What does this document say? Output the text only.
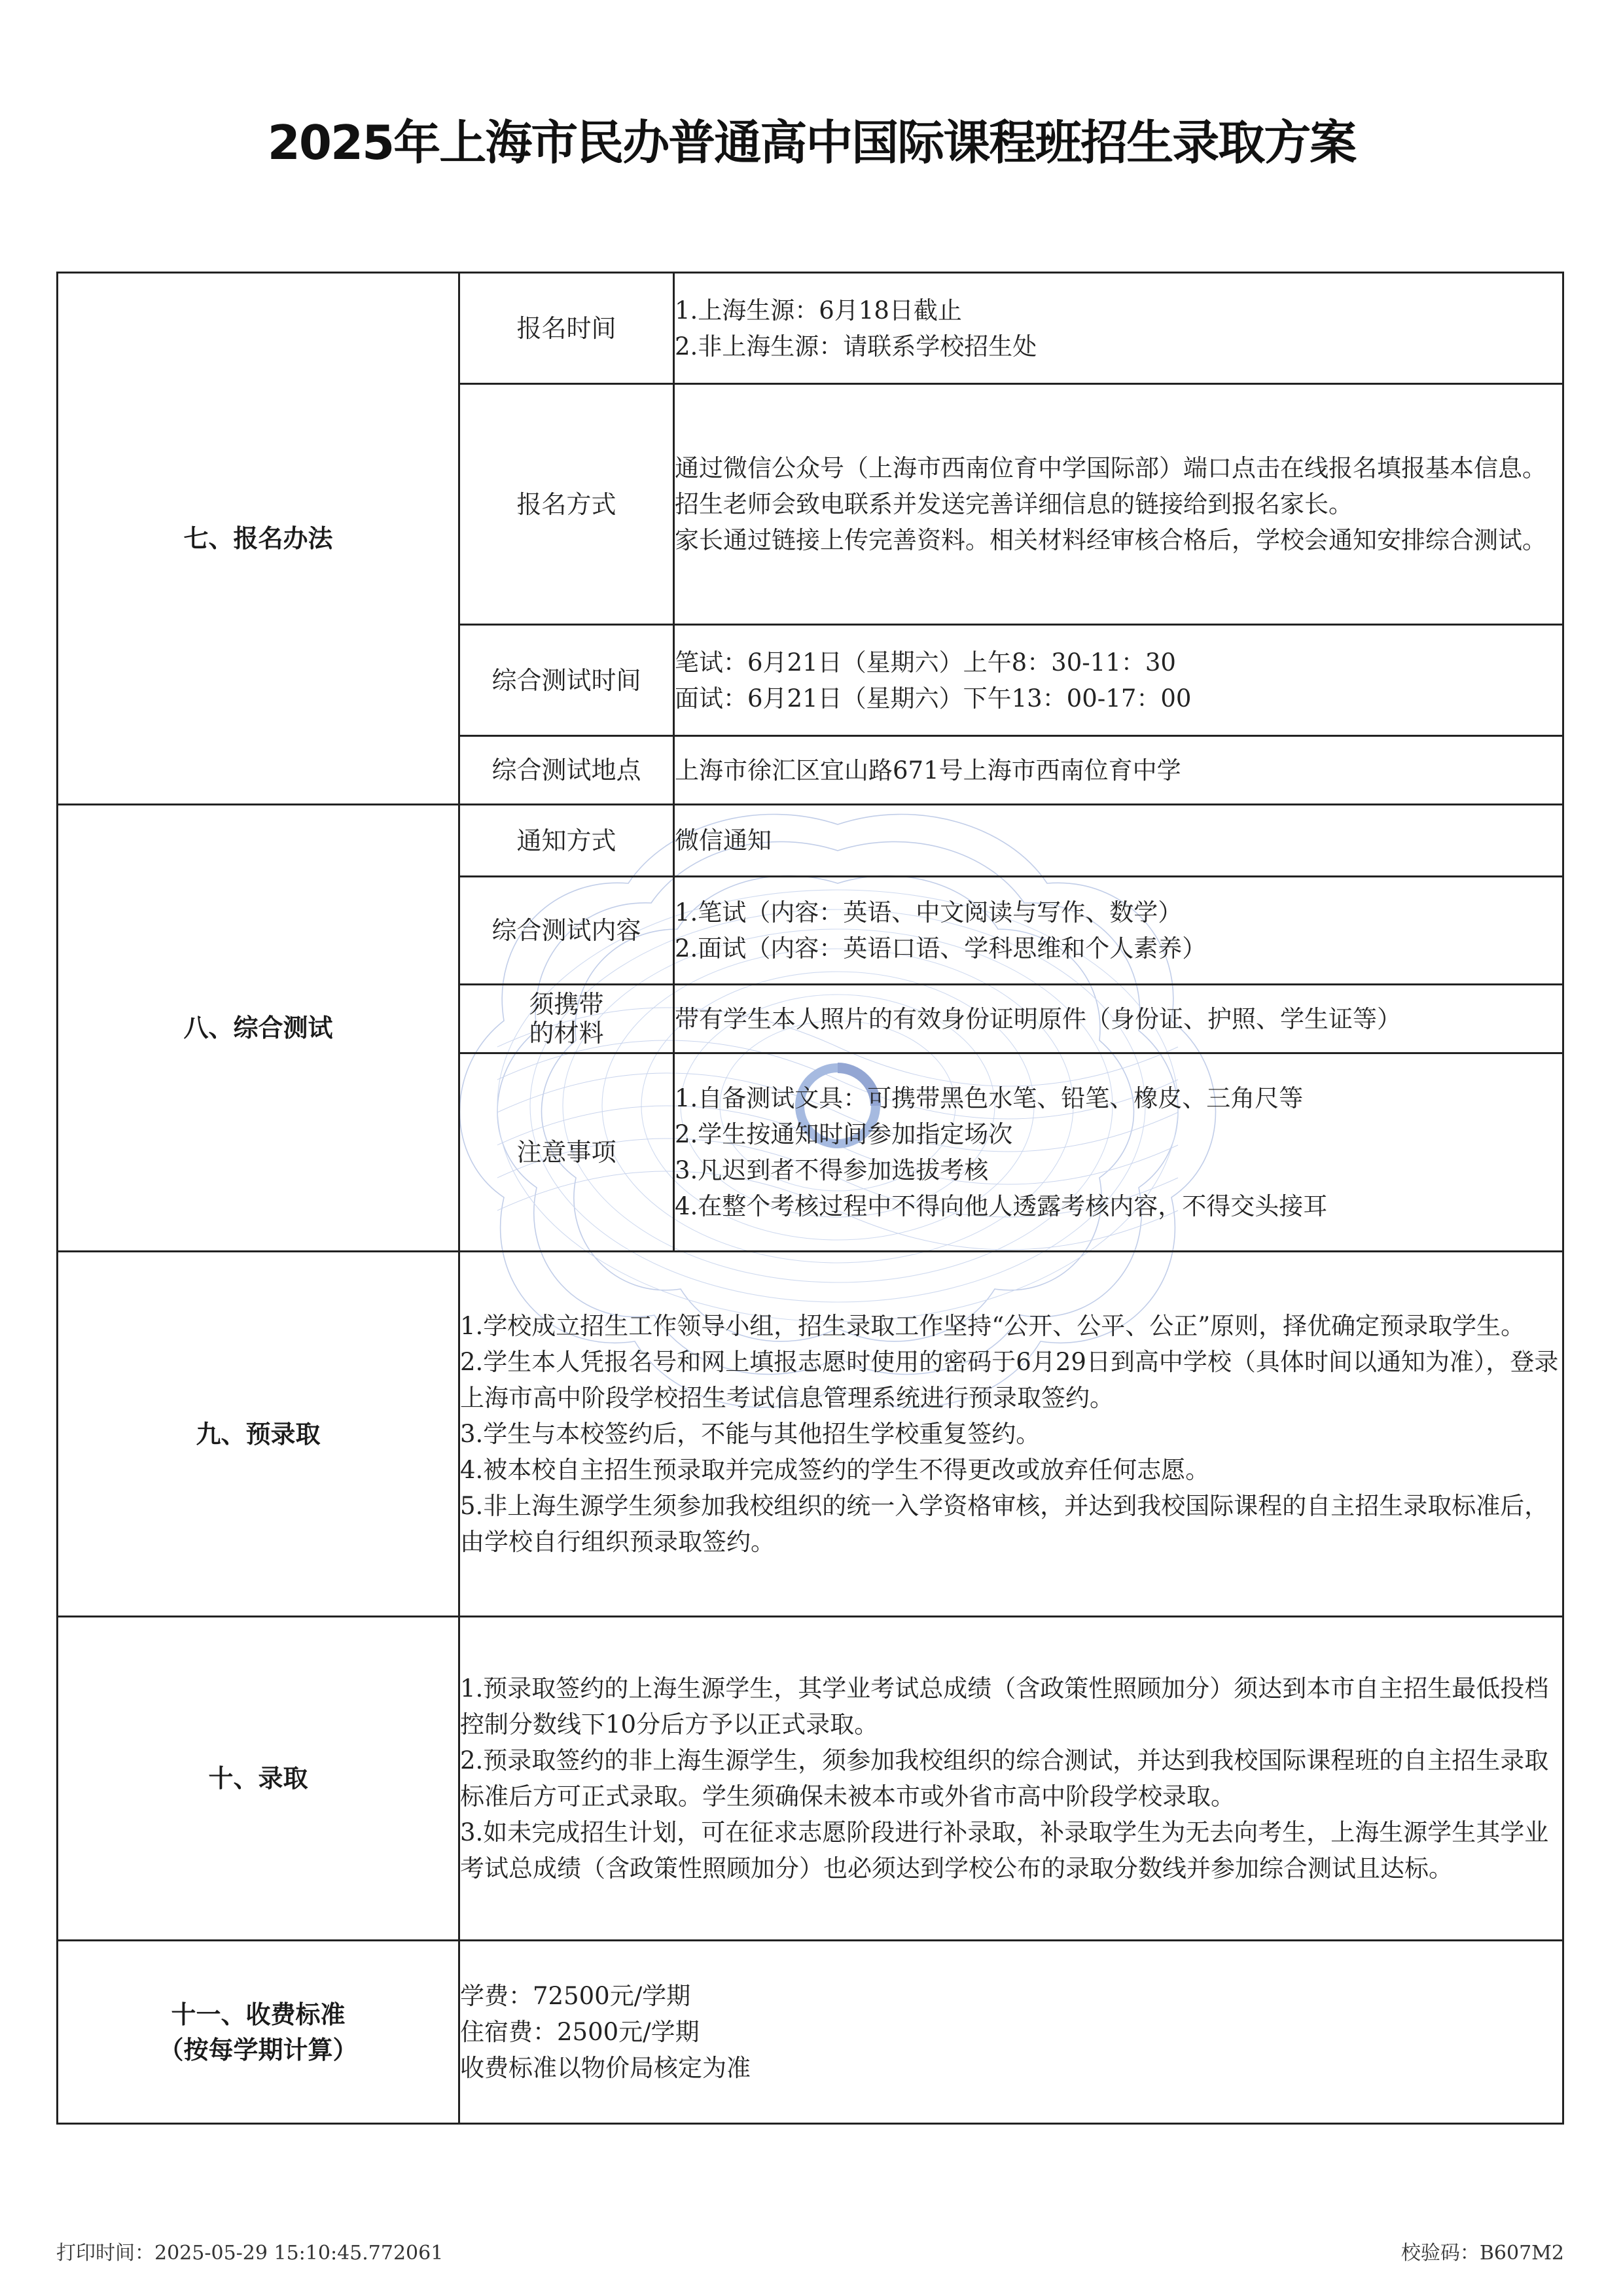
2025年上海市民办普通高中国际课程班招生录取方案
七、报名办法	报名时间	1.上海生源：6月18日截止
2.非上海生源：请联系学校招生处

	报名方式	通过微信公众号（上海市西南位育中学国际部）端口点击在线报名填报基本信息。
招生老师会致电联系并发送完善详细信息的链接给到报名家长。
家长通过链接上传完善资料。相关材料经审核合格后，学校会通知安排综合测试。

	综合测试时间	笔试：6月21日（星期六）上午8：30-11：30
面试：6月21日（星期六）下午13：00-17：00

	综合测试地点	上海市徐汇区宜山路671号上海市西南位育中学
八、综合测试	通知方式	微信通知
	综合测试内容	1.笔试（内容：英语、中文阅读与写作、数学）
2.面试（内容：英语口语、学科思维和个人素养）

	须携带
的材料	带有学生本人照片的有效身份证明原件（身份证、护照、学生证等）
	注意事项	1.自备测试文具：可携带黑色水笔、铅笔、橡皮、三角尺等
2.学生按通知时间参加指定场次
3.凡迟到者不得参加选拔考核
4.在整个考核过程中不得向他人透露考核内容，不得交头接耳

九、预录取	1.学校成立招生工作领导小组，招生录取工作坚持“公开、公平、公正”原则，择优确定预录取学生。
2.学生本人凭报名号和网上填报志愿时使用的密码于6月29日到高中学校（具体时间以通知为准），登录上海市高中阶段学校招生考试信息管理系统进行预录取签约。
3.学生与本校签约后，不能与其他招生学校重复签约。
4.被本校自主招生预录取并完成签约的学生不得更改或放弃任何志愿。
5.非上海生源学生须参加我校组织的统一入学资格审核，并达到我校国际课程的自主招生录取标准后，由学校自行组织预录取签约。	

十、录取	1.预录取签约的上海生源学生，其学业考试总成绩（含政策性照顾加分）须达到本市自主招生最低投档控制分数线下10分后方予以正式录取。
2.预录取签约的非上海生源学生，须参加我校组织的综合测试，并达到我校国际课程班的自主招生录取标准后方可正式录取。学生须确保未被本市或外省市高中阶段学校录取。
3.如未完成招生计划，可在征求志愿阶段进行补录取，补录取学生为无去向考生，上海生源学生其学业考试总成绩（含政策性照顾加分）也必须达到学校公布的录取分数线并参加综合测试且达标。	

十一、收费标准
（按每学期计算）	学费：72500元/学期
住宿费：2500元/学期
收费标准以物价局核定为准	
打印时间：2025-05-29 15:10:45.772061	校验码：B607M2
